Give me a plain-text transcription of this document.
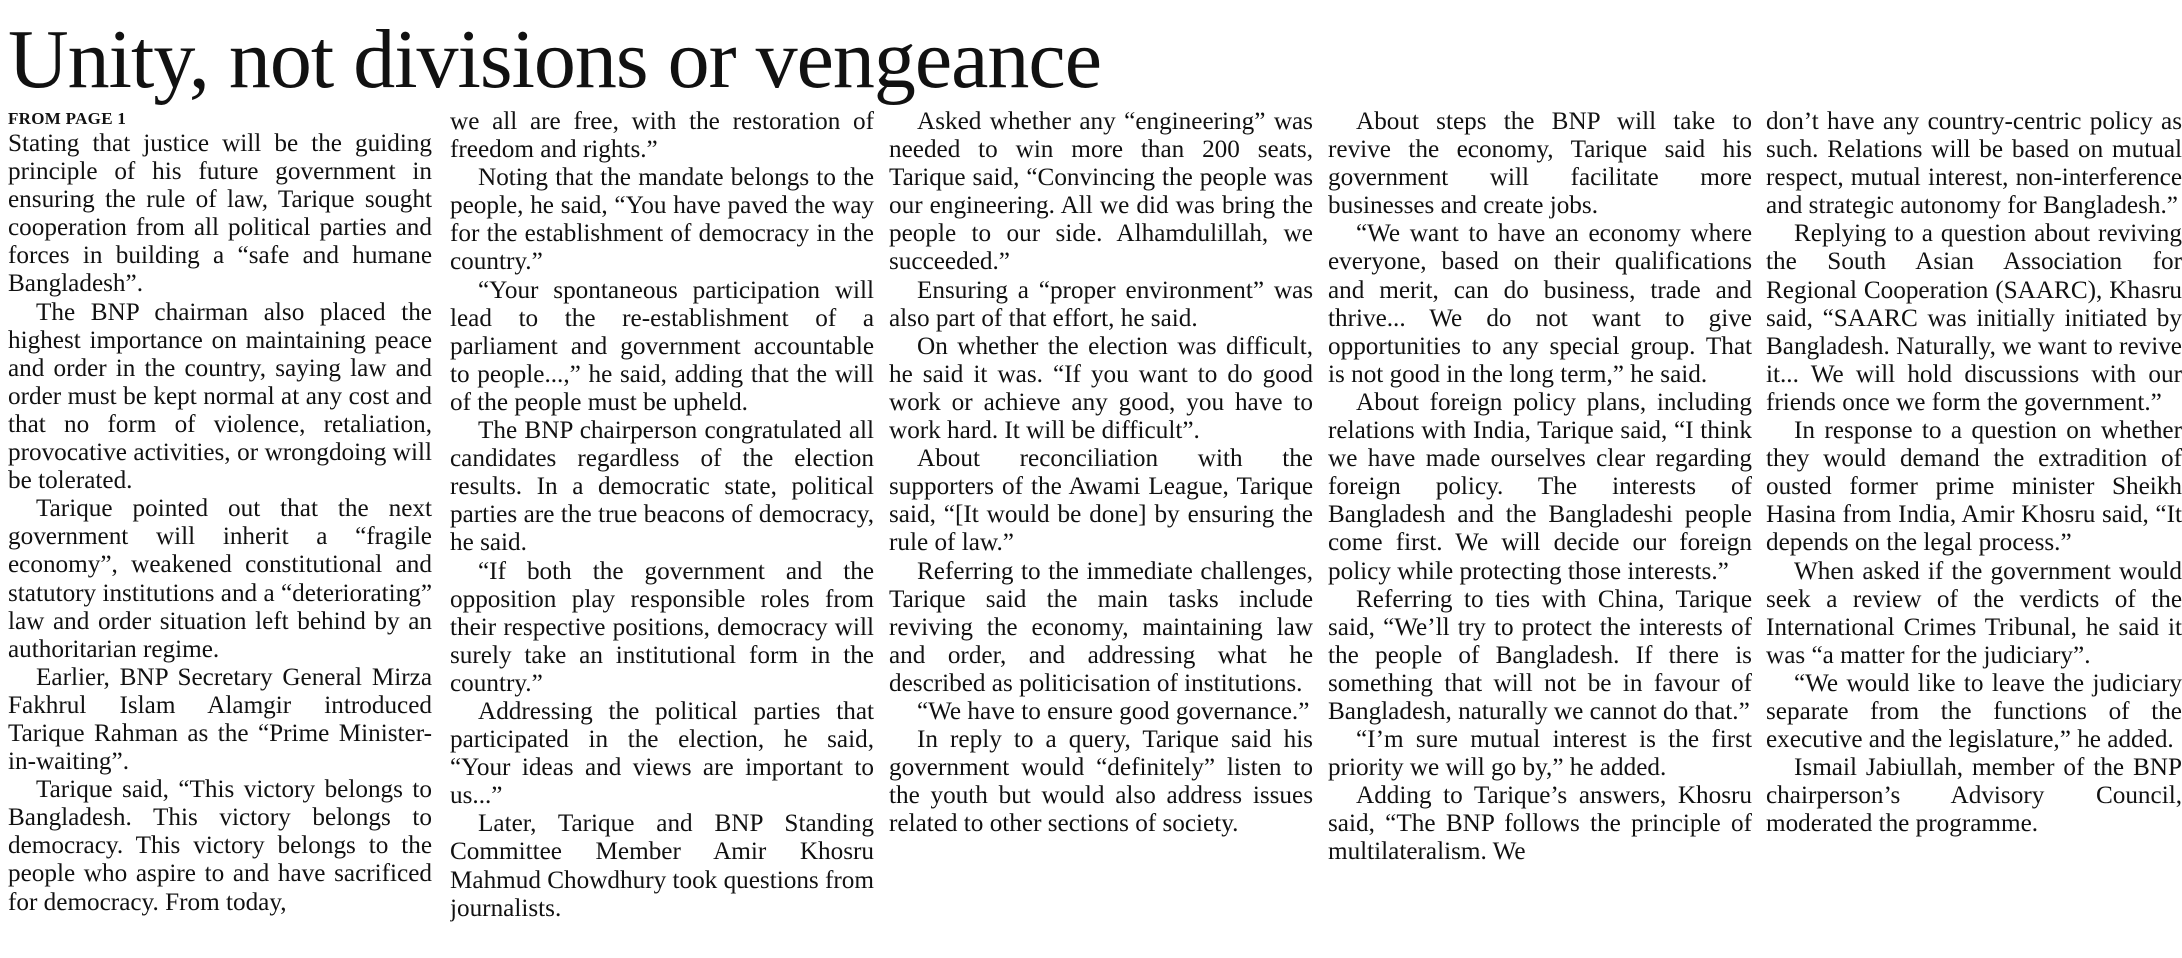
Unity, not divisions or vengeance
FROM PAGE 1

Stating that justice will be the guiding principle of his future government in ensuring the rule of law, Tarique sought cooperation from all political parties and forces in building a “safe and humane Bangladesh”.

The BNP chairman also placed the highest importance on maintaining peace and order in the country, saying law and order must be kept normal at any cost and that no form of violence, retaliation, provocative activities, or wrongdoing will be tolerated.

Tarique pointed out that the next government will inherit a “fragile economy”, weakened constitutional and statutory institutions and a “deteriorating” law and order situation left behind by an authoritarian regime.

Earlier, BNP Secretary General Mirza Fakhrul Islam Alamgir introduced Tarique Rahman as the “Prime Minister-in-waiting”.

Tarique said, “This victory belongs to Bangladesh. This victory belongs to democracy. This victory belongs to the people who aspire to and have sacrificed for democracy. From today,

we all are free, with the restoration of freedom and rights.”

Noting that the mandate belongs to the people, he said, “You have paved the way for the establishment of democracy in the country.”

“Your spontaneous participation will lead to the re-establishment of a parliament and government accountable to people...,” he said, adding that the will of the people must be upheld.

The BNP chairperson congratulated all candidates regardless of the election results. In a democratic state, political parties are the true beacons of democracy, he said.

“If both the government and the opposition play responsible roles from their respective positions, democracy will surely take an institutional form in the country.”

Addressing the political parties that participated in the election, he said, “Your ideas and views are important to us...”

Later, Tarique and BNP Standing Committee Member Amir Khosru Mahmud Chowdhury took questions from journalists.

Asked whether any “engineering” was needed to win more than 200 seats, Tarique said, “Convincing the people was our engineering. All we did was bring the people to our side. Alhamdulillah, we succeeded.”

Ensuring a “proper environment” was also part of that effort, he said.

On whether the election was difficult, he said it was. “If you want to do good work or achieve any good, you have to work hard. It will be difficult”.

About reconciliation with the supporters of the Awami League, Tarique said, “[It would be done] by ensuring the rule of law.”

Referring to the immediate challenges, Tarique said the main tasks include reviving the economy, maintaining law and order, and addressing what he described as politicisation of institutions.

“We have to ensure good governance.”

In reply to a query, Tarique said his government would “definitely” listen to the youth but would also address issues related to other sections of society.

About steps the BNP will take to revive the economy, Tarique said his government will facilitate more businesses and create jobs.

“We want to have an economy where everyone, based on their qualifications and merit, can do business, trade and thrive... We do not want to give opportunities to any special group. That is not good in the long term,” he said.

About foreign policy plans, including relations with India, Tarique said, “I think we have made ourselves clear regarding foreign policy. The interests of Bangladesh and the Bangladeshi people come first. We will decide our foreign policy while protecting those interests.”

Referring to ties with China, Tarique said, “We’ll try to protect the interests of the people of Bangladesh. If there is something that will not be in favour of Bangladesh, naturally we cannot do that.”

“I’m sure mutual interest is the first priority we will go by,” he added.

Adding to Tarique’s answers, Khosru said, “The BNP follows the principle of multilateralism. We

don’t have any country-centric policy as such. Relations will be based on mutual respect, mutual interest, non-interference and strategic autonomy for Bangladesh.”

Replying to a question about reviving the South Asian Association for Regional Cooperation (SAARC), Khasru said, “SAARC was initially initiated by Bangladesh. Naturally, we want to revive it... We will hold discussions with our friends once we form the government.”

In response to a question on whether they would demand the extradition of ousted former prime minister Sheikh Hasina from India, Amir Khosru said, “It depends on the legal process.”

When asked if the government would seek a review of the verdicts of the International Crimes Tribunal, he said it was “a matter for the judiciary”.

“We would like to leave the judiciary separate from the functions of the executive and the legislature,” he added.

Ismail Jabiullah, member of the BNP chairperson’s Advisory Council, moderated the programme.
